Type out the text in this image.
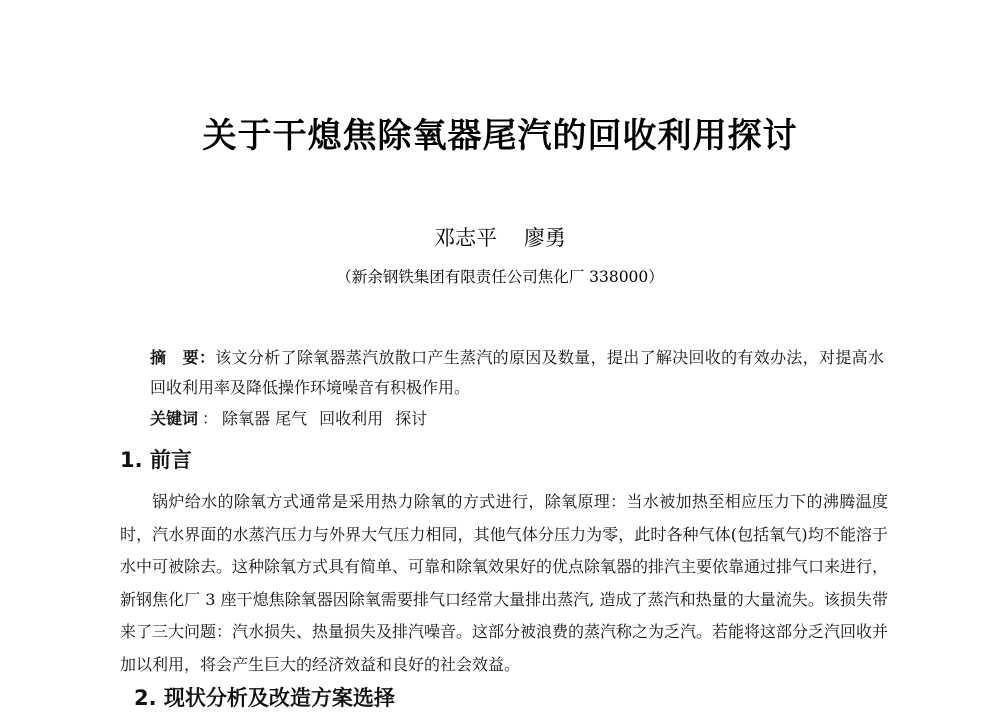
关于干熄焦除氧器尾汽的回收利用探讨
邓志平 廖勇
（新余钢铁集团有限责任公司焦化厂 338000）

摘　要：该文分析了除氧器蒸汽放散口产生蒸汽的原因及数量，提出了解决回收的有效办法，对提高水回收利用率及降低操作环境噪音有积极作用。

关键词 ： 除氧器 尾气 回收利用 探讨
1. 前言

锅炉给水的除氧方式通常是采用热力除氧的方式进行，除氧原理：当水被加热至相应压力下的沸腾温度时，汽水界面的水蒸汽压力与外界大气压力相同，其他气体分压力为零，此时各种气体(包括氧气)均不能溶于水中可被除去。这种除氧方式具有简单、可靠和除氧效果好的优点除氧器的排汽主要依靠通过排气口来进行，新钢焦化厂 3 座干熄焦除氧器因除氧需要排气口经常大量排出蒸汽, 造成了蒸汽和热量的大量流失。该损失带来了三大问题：汽水损失、热量损失及排汽噪音。这部分被浪费的蒸汽称之为乏汽。若能将这部分乏汽回收并加以利用，将会产生巨大的经济效益和良好的社会效益。

2. 现状分析及改造方案选择
